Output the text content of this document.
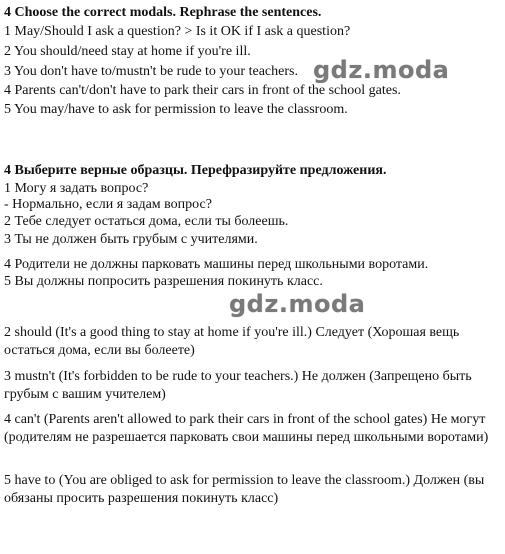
4 Choose the correct modals. Rephrase the sentences.
1 May/Should I ask a question? > Is it OK if I ask a question?
2 You should/need stay at home if you're ill.
3 You don't have to/mustn't be rude to your teachers.
4 Parents can't/don't have to park their cars in front of the school gates.
5 You may/have to ask for permission to leave the classroom.
gdz.moda
4 Выберите верные образцы. Перефразируйте предложения.
1 Могу я задать вопрос?
- Нормально, если я задам вопрос?
2 Тебе следует остаться дома, если ты болеешь.
3 Ты не должен быть грубым с учителями.
4 Родители не должны парковать машины перед школьными воротами.
5 Вы должны попросить разрешения покинуть класс.
gdz.moda
2 should (It's a good thing to stay at home if you're ill.) Следует (Хорошая вещь остаться дома, если вы болеете)
3 mustn't (It's forbidden to be rude to your teachers.) Не должен (Запрещено быть грубым с вашим учителем)
4 can't (Parents aren't allowed to park their cars in front of the school gates) Не могут (родителям не разрешается парковать свои машины перед школьными воротами)
5 have to (You are obliged to ask for permission to leave the classroom.) Должен (вы обязаны просить разрешения покинуть класс)
